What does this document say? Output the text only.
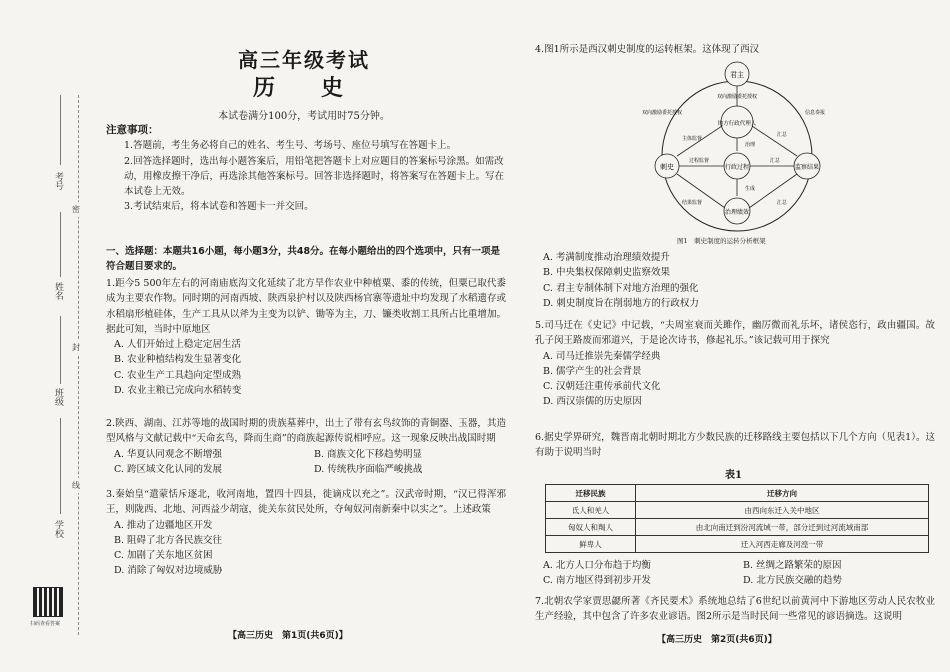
考号
姓名
班级
学校
密
封
线
扫码查看答案
高三年级考试
历　史
本试卷满分100分，考试用时75分钟。

注意事项：

1.答题前，考生务必将自己的姓名、考生号、考场号、座位号填写在答题卡上。

2.回答选择题时，选出每小题答案后，用铅笔把答题卡上对应题目的答案标号涂黑。如需改动，用橡皮擦干净后，再选涂其他答案标号。回答非选择题时，将答案写在答题卡上。写在本试卷上无效。

3.考试结束后，将本试卷和答题卡一并交回。

一、选择题：本题共16小题，每小题3分，共48分。在每小题给出的四个选项中，只有一项是符合题目要求的。

1.距今5 500年左右的河南庙底沟文化延续了北方旱作农业中种植粟、黍的传统，但粟已取代黍成为主要农作物。同时期的河南西坡、陕西泉护村以及陕西杨官寨等遗址中均发现了水稻遗存或水稻扇形植硅体，生产工具从以斧为主变为以铲、锄等为主，刀、镰类收割工具所占比重增加。据此可知，当时中原地区

A. 人们开始过上稳定定居生活

B. 农业种植结构发生显著变化

C. 农业生产工具趋向定型成熟

D. 农业主粮已完成向水稻转变

2.陕西、湖南、江苏等地的战国时期的贵族墓葬中，出土了带有玄鸟纹饰的青铜器、玉器，其造型风格与文献记载中“天命玄鸟，降而生商”的商族起源传说相呼应。这一现象反映出战国时期

A. 华夏认同观念不断增强	B. 商族文化下移趋势明显

C. 跨区域文化认同的发展	D. 传统秩序面临严峻挑战

3.秦始皇“遣蒙恬斥逐北，收河南地，置四十四县，徙谪戍以充之”。汉武帝时期，“汉已得浑邪王，则陇西、北地、河西益少胡寇，徙关东贫民处所，夺匈奴河南新秦中以实之”。上述政策

A. 推动了边疆地区开发

B. 阻碍了北方各民族交往

C. 加剧了关东地区贫困

D. 消除了匈奴对边境威胁

【高三历史　第1页(共6页)】

4.图1所示是西汉刺史制度的运转框架。这体现了西汉

君主
地方行政代理人
刺史	行政过程	监察结果
治理绩效
双向激励委托授权
双向激励委托授权	信息奏报
主体监督
汇总
治理
过程监督	汇总
生成
结果监督	汇总
图1　刺史制度的运转分析框架

A. 考满制度推动治理绩效提升

B. 中央集权保障刺史监察效果

C. 君主专制体制下对地方治理的强化

D. 刺史制度旨在削弱地方的行政权力

5.司马迁在《史记》中记载，“夫周室衰而关雎作，幽厉微而礼乐坏，诸侯恣行，政由疆国。故孔子闵王路废而邪道兴，于是论次诗书，修起礼乐。”该记载可用于探究

A. 司马迁推崇先秦儒学经典

B. 儒学产生的社会背景

C. 汉朝廷注重传承前代文化

D. 西汉崇儒的历史原因

6.据史学界研究，魏晋南北朝时期北方少数民族的迁移路线主要包括以下几个方向（见表1）。这有助于说明当时

表1
迁移民族	迁移方向
氐人和羌人	由西向东迁入关中地区
匈奴人和羯人	由北向南迁到汾河流域一带，部分迁到过河流域南部
鲜卑人	迁入河西走廊及河湟一带

A. 北方人口分布趋于均衡	B. 丝绸之路繁荣的原因

C. 南方地区得到初步开发	D. 北方民族交融的趋势

7.北朝农学家贾思勰所著《齐民要术》系统地总结了6世纪以前黄河中下游地区劳动人民农牧业生产经验，其中包含了许多农业谚语。图2所示是当时民间一些常见的谚语摘选。这说明

【高三历史　第2页(共6页)】
